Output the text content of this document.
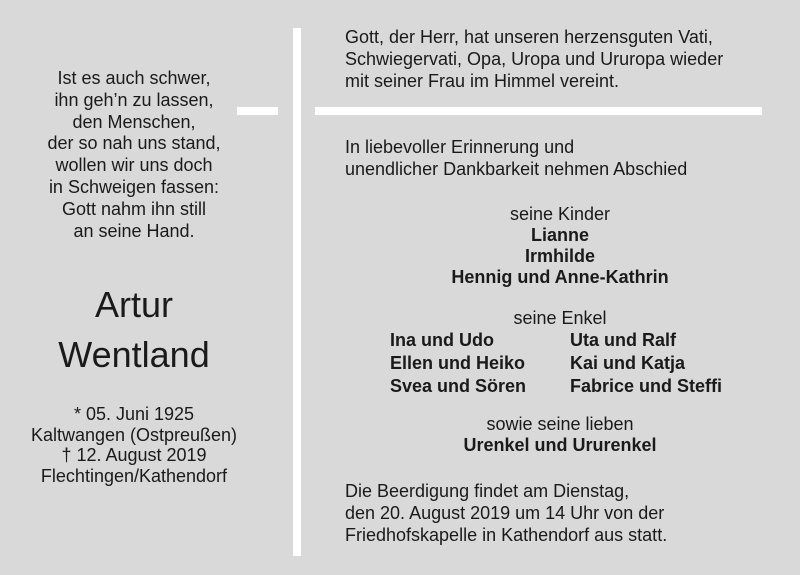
Ist es auch schwer,
ihn geh’n zu lassen,
den Menschen,
der so nah uns stand,
wollen wir uns doch
in Schweigen fassen:
Gott nahm ihn still
an seine Hand.
Artur
Wentland
* 05. Juni 1925
Kaltwangen (Ostpreußen)
† 12. August 2019
Flechtingen/Kathendorf
Gott, der Herr, hat unseren herzensguten Vati,
Schwiegervati, Opa, Uropa und Ururopa wieder
mit seiner Frau im Himmel vereint.
In liebevoller Erinnerung und
unendlicher Dankbarkeit nehmen Abschied
seine Kinder
Lianne
Irmhilde
Hennig und Anne-Kathrin
seine Enkel
Ina und Udo	Uta und Ralf
Ellen und Heiko Kai und Katja
Svea und Sören Fabrice und Steffi
sowie seine lieben
Urenkel und Ururenkel
Die Beerdigung findet am Dienstag,
den 20. August 2019 um 14 Uhr von der
Friedhofskapelle in Kathendorf aus statt.
